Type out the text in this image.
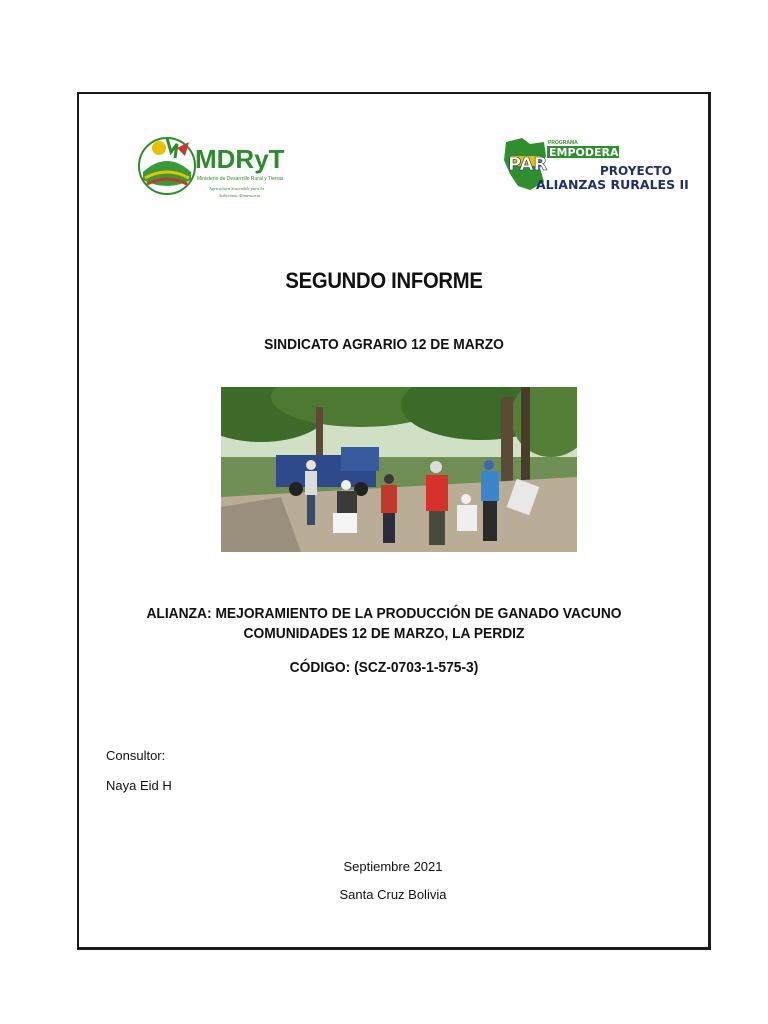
MDRyT
Ministerio de Desarrollo Rural y Tierras
Agricultura Sostenible para la
Soberanía Alimentaria
PAR
PROGRAMA
EMPODERAR
PROYECTO
ALIANZAS RURALES II
SEGUNDO INFORME
SINDICATO AGRARIO 12 DE MARZO
ALIANZA: MEJORAMIENTO DE LA PRODUCCIÓN DE GANADO VACUNO
COMUNIDADES 12 DE MARZO, LA PERDIZ
CÓDIGO: (SCZ-0703-1-575-3)
Consultor:
Naya Eid H
Septiembre 2021
Santa Cruz Bolivia
